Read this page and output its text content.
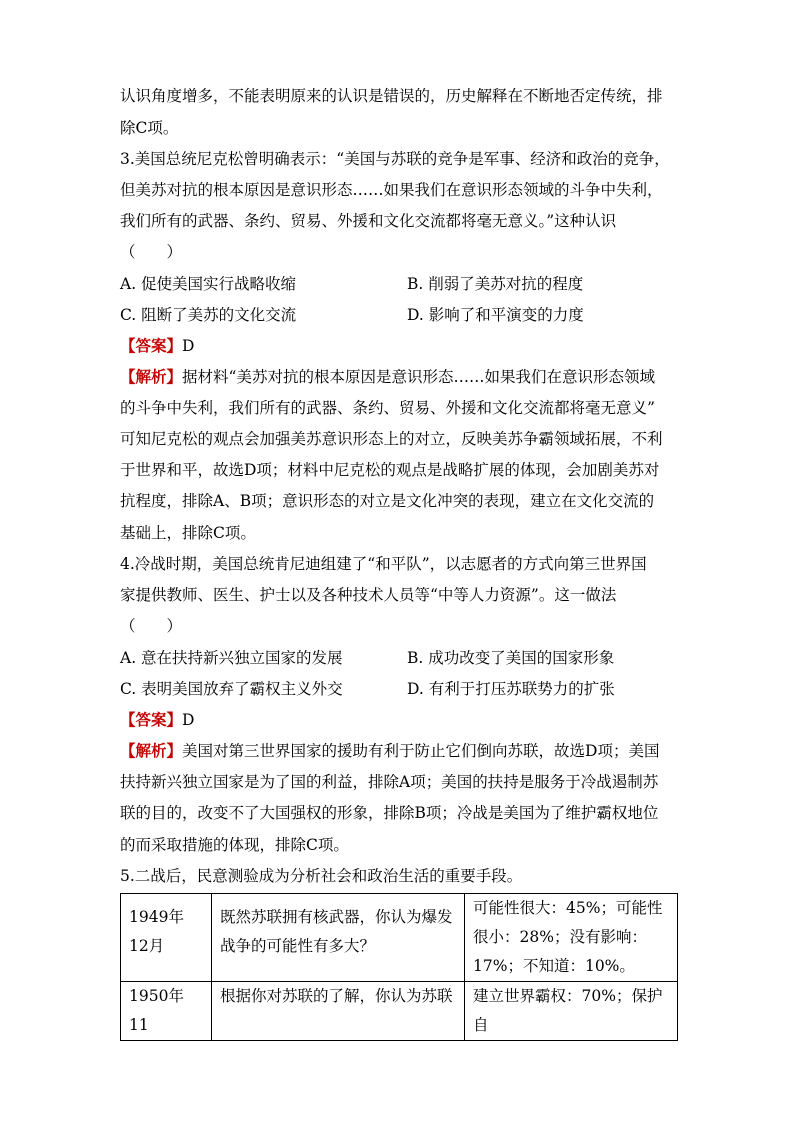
认识角度增多，不能表明原来的认识是错误的，历史解释在不断地否定传统，排
除C项。
3.美国总统尼克松曾明确表示：“美国与苏联的竞争是军事、经济和政治的竞争，
但美苏对抗的根本原因是意识形态……如果我们在意识形态领域的斗争中失利，
我们所有的武器、条约、贸易、外援和文化交流都将毫无意义。”这种认识
（　　）
A. 促使美国实行战略收缩	B. 削弱了美苏对抗的程度
C. 阻断了美苏的文化交流	D. 影响了和平演变的力度
【答案】D
【解析】据材料“美苏对抗的根本原因是意识形态……如果我们在意识形态领域
的斗争中失利，我们所有的武器、条约、贸易、外援和文化交流都将毫无意义”
可知尼克松的观点会加强美苏意识形态上的对立，反映美苏争霸领域拓展，不利
于世界和平，故选D项；材料中尼克松的观点是战略扩展的体现，会加剧美苏对
抗程度，排除A、B项；意识形态的对立是文化冲突的表现，建立在文化交流的
基础上，排除C项。
4.冷战时期，美国总统肯尼迪组建了“和平队”，以志愿者的方式向第三世界国
家提供教师、医生、护士以及各种技术人员等“中等人力资源”。这一做法
（　　）
A. 意在扶持新兴独立国家的发展	B. 成功改变了美国的国家形象
C. 表明美国放弃了霸权主义外交	D. 有利于打压苏联势力的扩张
【答案】D
【解析】美国对第三世界国家的援助有利于防止它们倒向苏联，故选D项；美国
扶持新兴独立国家是为了国的利益，排除A项；美国的扶持是服务于冷战遏制苏
联的目的，改变不了大国强权的形象，排除B项；冷战是美国为了维护霸权地位
的而采取措施的体现，排除C项。
5.二战后，民意测验成为分析社会和政治生活的重要手段。
1949年12月	既然苏联拥有核武器，你认为爆发战争的可能性有多大？	可能性很大：45%；可能性很小：28%；没有影响：17%；不知道：10%。
1950年11	根据你对苏联的了解，你认为苏联	建立世界霸权：70%；保护自
